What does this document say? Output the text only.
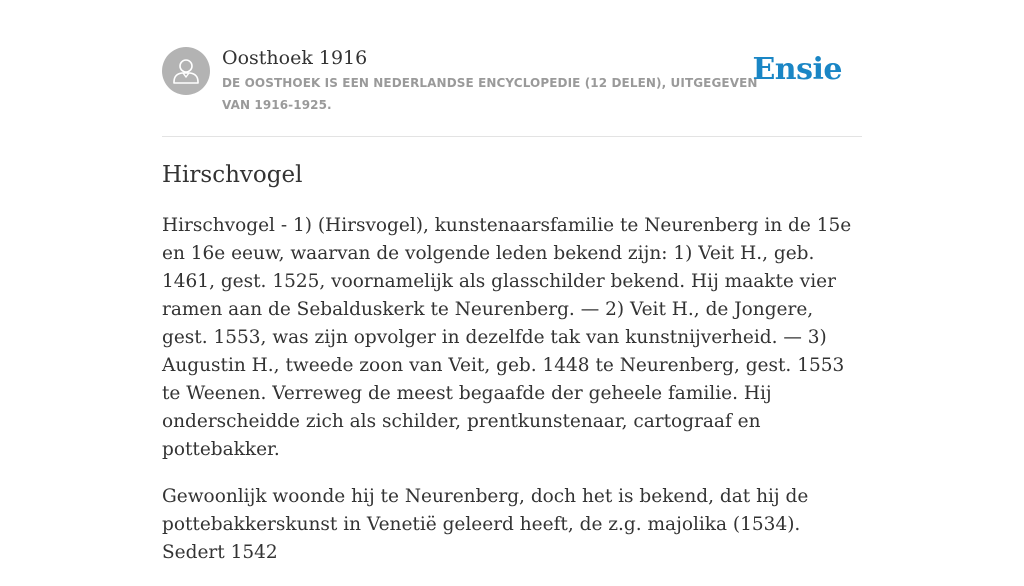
Oosthoek 1916
DE OOSTHOEK IS EEN NEDERLANDSE ENCYCLOPEDIE (12 DELEN), UITGEGEVEN VAN 1916-1925.
Ensie
Hirschvogel

Hirschvogel - 1) (Hirsvogel), kunstenaarsfamilie te Neurenberg in de 15e en 16e eeuw, waarvan de volgende leden bekend zijn: 1) Veit H., geb. 1461, gest. 1525, voornamelijk als glasschilder bekend. Hij maakte vier ramen aan de Sebalduskerk te Neurenberg. — 2) Veit H., de Jongere, gest. 1553, was zijn opvolger in dezelfde tak van kunstnijverheid. — 3) Augustin H., tweede zoon van Veit, geb. 1448 te Neurenberg, gest. 1553 te Weenen. Verreweg de meest begaafde der geheele familie. Hij onderscheidde zich als schilder, prentkunstenaar, cartograaf en pottebakker.

Gewoonlijk woonde hij te Neurenberg, doch het is bekend, dat hij de pottebakkerskunst in Venetië geleerd heeft, de z.g. majolika (1534). Sedert 1542
